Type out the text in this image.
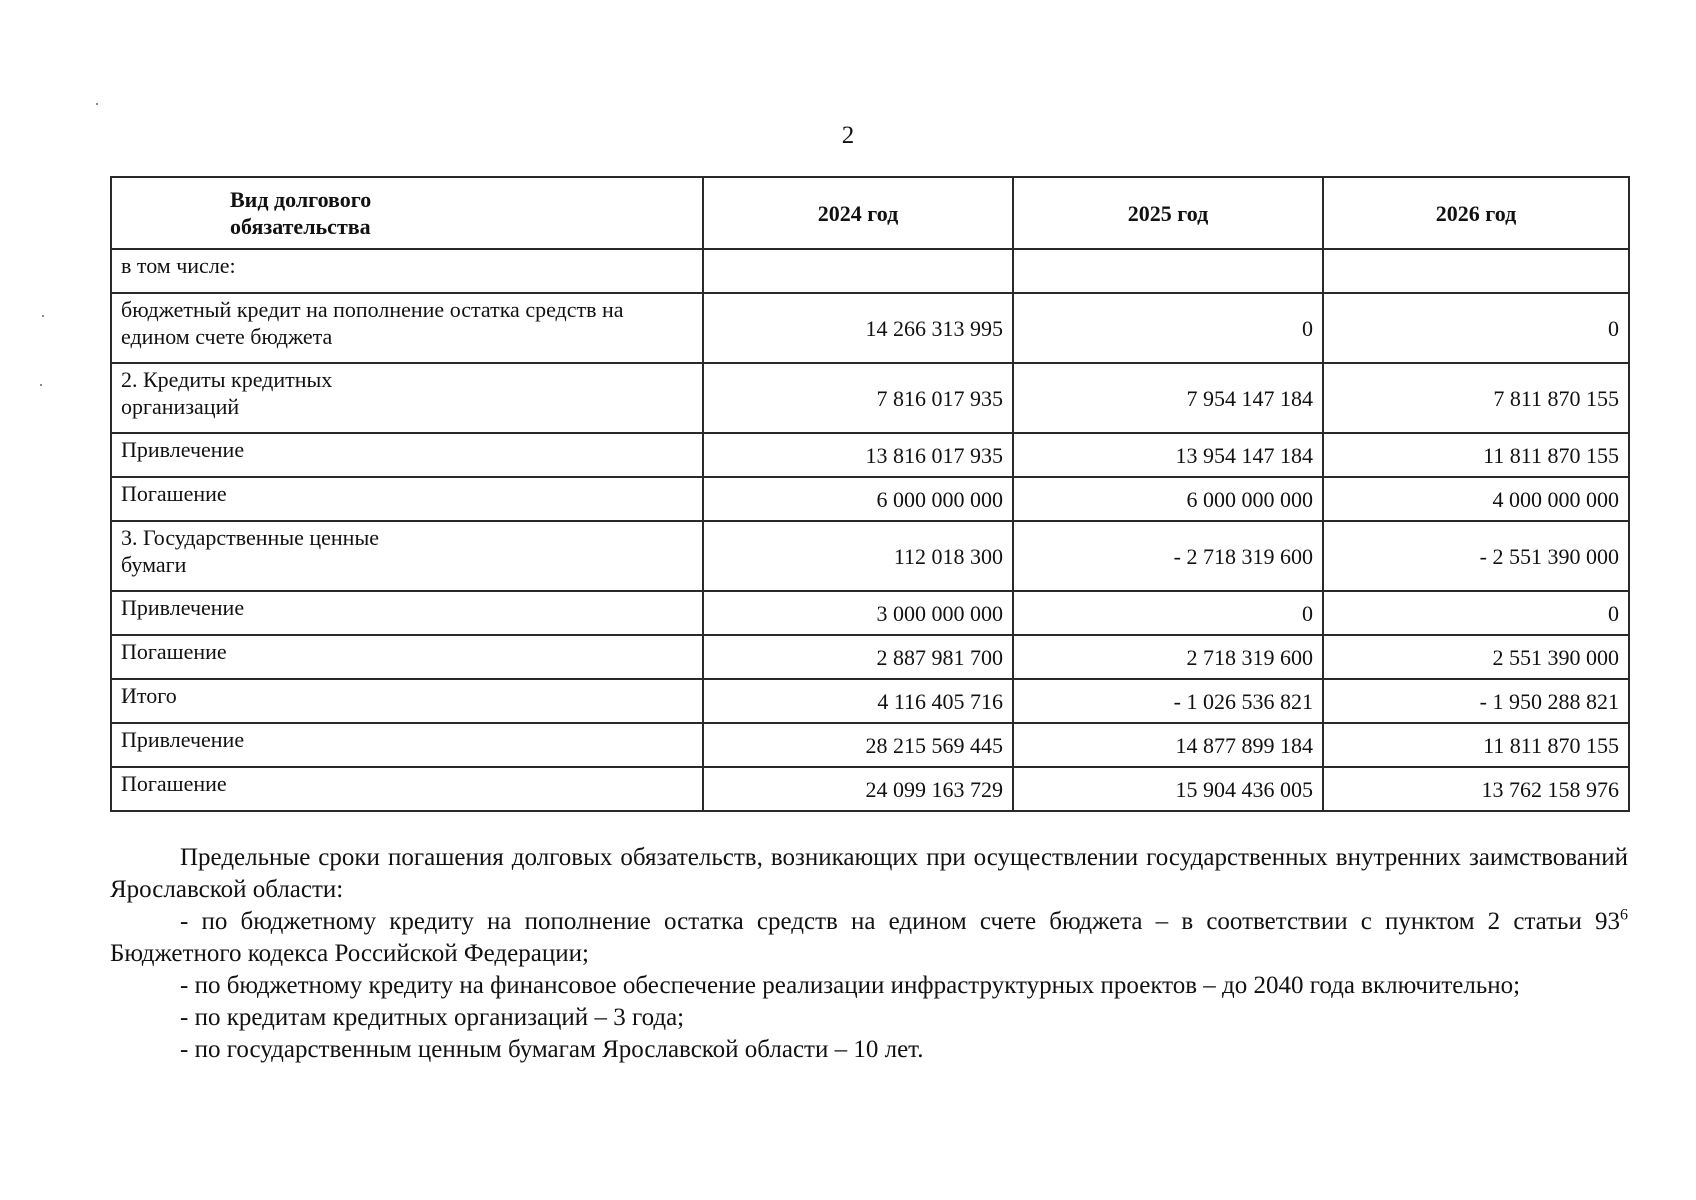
2
Вид долгового
обязательства	2024 год	2025 год	2026 год
в том числе:			
бюджетный кредит на пополнение остатка средств на едином счете бюджета	14 266 313 995	0	0
2. Кредиты кредитных
организаций	7 816 017 935	7 954 147 184	7 811 870 155
Привлечение	13 816 017 935	13 954 147 184	11 811 870 155
Погашение	6 000 000 000	6 000 000 000	4 000 000 000
3. Государственные ценные
бумаги	112 018 300	- 2 718 319 600	- 2 551 390 000
Привлечение	3 000 000 000	0	0
Погашение	2 887 981 700	2 718 319 600	2 551 390 000
Итого	4 116 405 716	- 1 026 536 821	- 1 950 288 821
Привлечение	28 215 569 445	14 877 899 184	11 811 870 155
Погашение	24 099 163 729	15 904 436 005	13 762 158 976

Предельные сроки погашения долговых обязательств, возникающих при осуществлении государственных внутренних заимствований Ярославской области:

- по бюджетному кредиту на пополнение остатка средств на едином счете бюджета – в соответствии с пунктом 2 статьи $93^6$ Бюджетного кодекса Российской Федерации;

- по бюджетному кредиту на финансовое обеспечение реализации инфраструктурных проектов – до 2040 года включительно;

- по кредитам кредитных организаций – 3 года;

- по государственным ценным бумагам Ярославской области – 10 лет.
